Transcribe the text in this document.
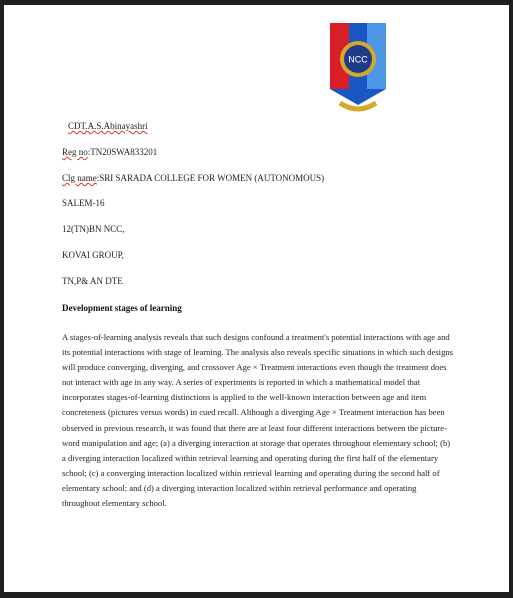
NCC
CDT.A.S.Abinayashri
Reg no:TN20SWA833201
Clg name:SRI SARADA COLLEGE FOR WOMEN (AUTONOMOUS)
SALEM-16
12(TN)BN NCC,
KOVAI GROUP,
TN,P& AN DTE
Development stages of learning
A stages-of-learning analysis reveals that such designs confound a treatment's potential interactions with age and its potential interactions with stage of learning. The analysis also reveals specific situations in which such designs will produce converging, diverging, and crossover Age × Treatment interactions even though the treatment does not interact with age in any way. A series of experiments is reported in which a mathematical model that incorporates stages-of-learning distinctions is applied to the well-known interaction between age and item concreteness (pictures versus words) in cued recall. Although a diverging Age × Treatment interaction has been observed in previous research, it was found that there are at least four different interactions between the picture-word manipulation and age; (a) a diverging interaction at storage that operates throughout elementary school; (b) a diverging interaction localized within retrieval learning and operating during the first half of the elementary school; (c) a converging interaction localized within retrieval learning and operating during the second half of elementary school; and (d) a diverging interaction localized within retrieval performance and operating throughout elementary school.
